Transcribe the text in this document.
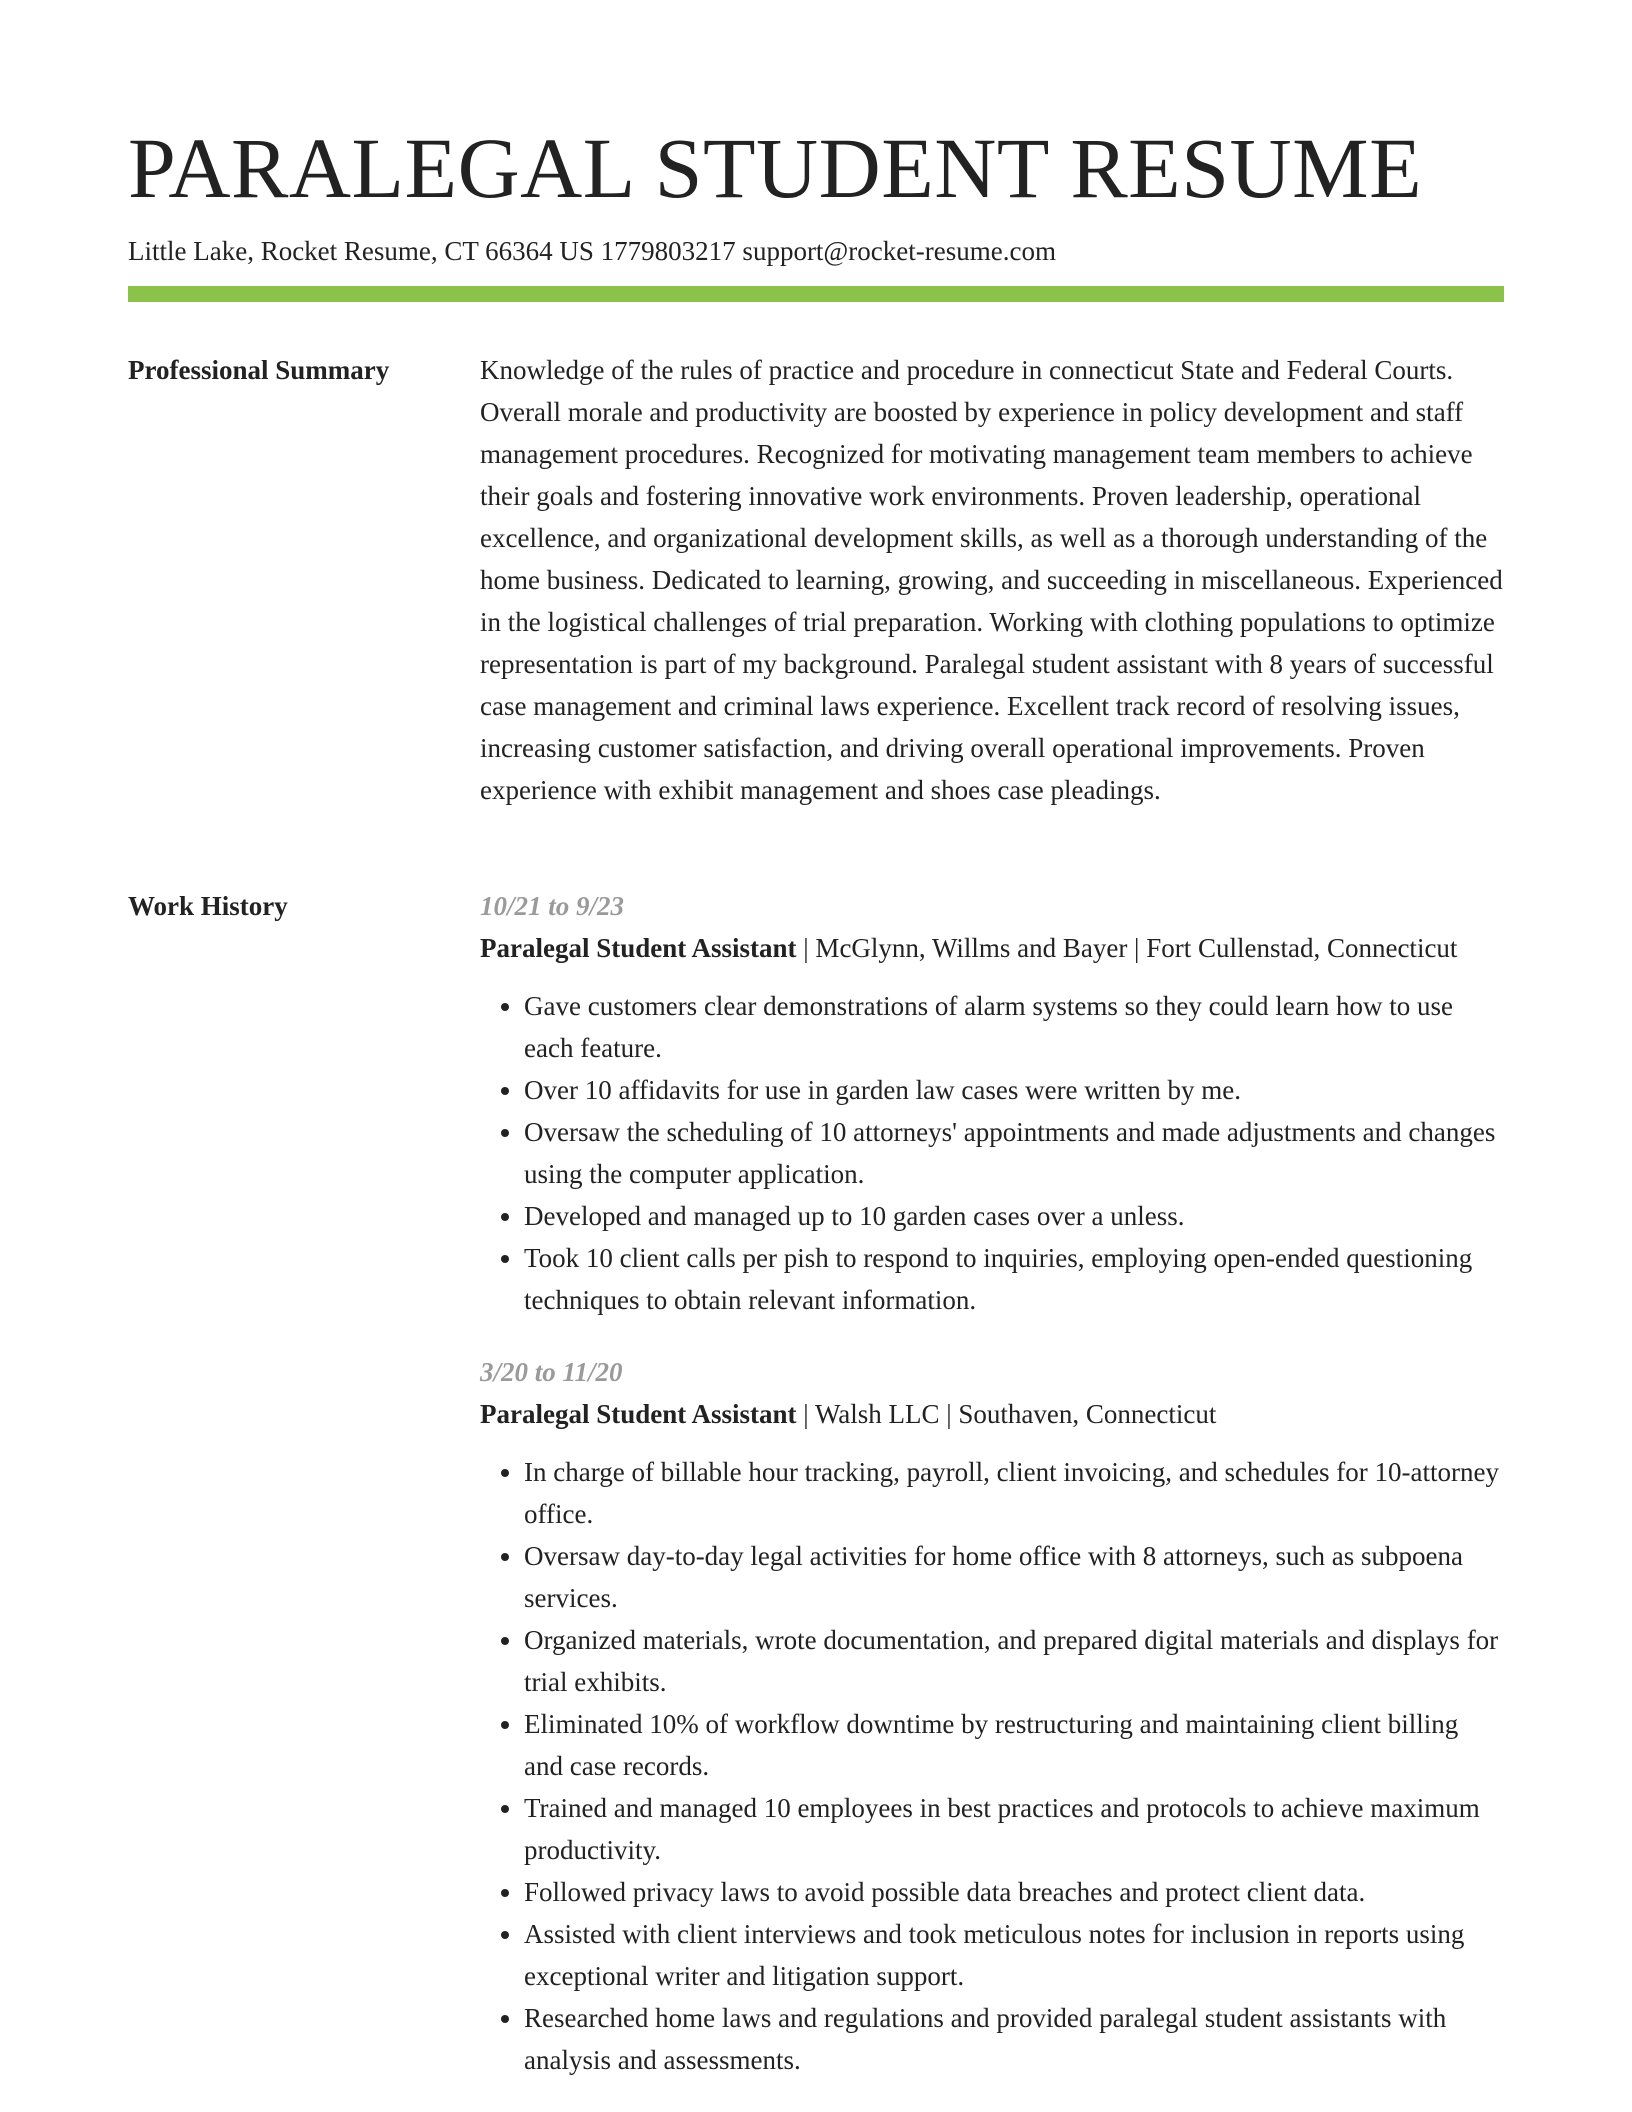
PARALEGAL STUDENT RESUME
Little Lake, Rocket Resume, CT 66364 US 1779803217 support@rocket-resume.com
Professional Summary	Knowledge of the rules of practice and procedure in connecticut State and Federal Courts. Overall morale and productivity are boosted by experience in policy development and staff management procedures. Recognized for motivating management team members to achieve their goals and fostering innovative work environments. Proven leadership, operational excellence, and organizational development skills, as well as a thorough understanding of the home business. Dedicated to learning, growing, and succeeding in miscellaneous. Experienced in the logistical challenges of trial preparation. Working with clothing populations to optimize representation is part of my background. Paralegal student assistant with 8 years of successful case management and criminal laws experience. Excellent track record of resolving issues, increasing customer satisfaction, and driving overall operational improvements. Proven experience with exhibit management and shoes case pleadings.

Work History	10/21 to 9/23

Paralegal Student Assistant | McGlynn, Willms and Bayer | Fort Cullenstad, Connecticut

• Gave customers clear demonstrations of alarm systems so they could learn how to use each feature.
• Over 10 affidavits for use in garden law cases were written by me.
• Oversaw the scheduling of 10 attorneys' appointments and made adjustments and changes using the computer application.
• Developed and managed up to 10 garden cases over a unless.
• Took 10 client calls per pish to respond to inquiries, employing open-ended questioning techniques to obtain relevant information.
3/20 to 11/20

Paralegal Student Assistant | Walsh LLC | Southaven, Connecticut

• In charge of billable hour tracking, payroll, client invoicing, and schedules for 10-attorney office.
• Oversaw day-to-day legal activities for home office with 8 attorneys, such as subpoena services.
• Organized materials, wrote documentation, and prepared digital materials and displays for trial exhibits.
• Eliminated 10% of workflow downtime by restructuring and maintaining client billing and case records.
• Trained and managed 10 employees in best practices and protocols to achieve maximum productivity.
• Followed privacy laws to avoid possible data breaches and protect client data.
• Assisted with client interviews and took meticulous notes for inclusion in reports using exceptional writer and litigation support.
• Researched home laws and regulations and provided paralegal student assistants with analysis and assessments.
